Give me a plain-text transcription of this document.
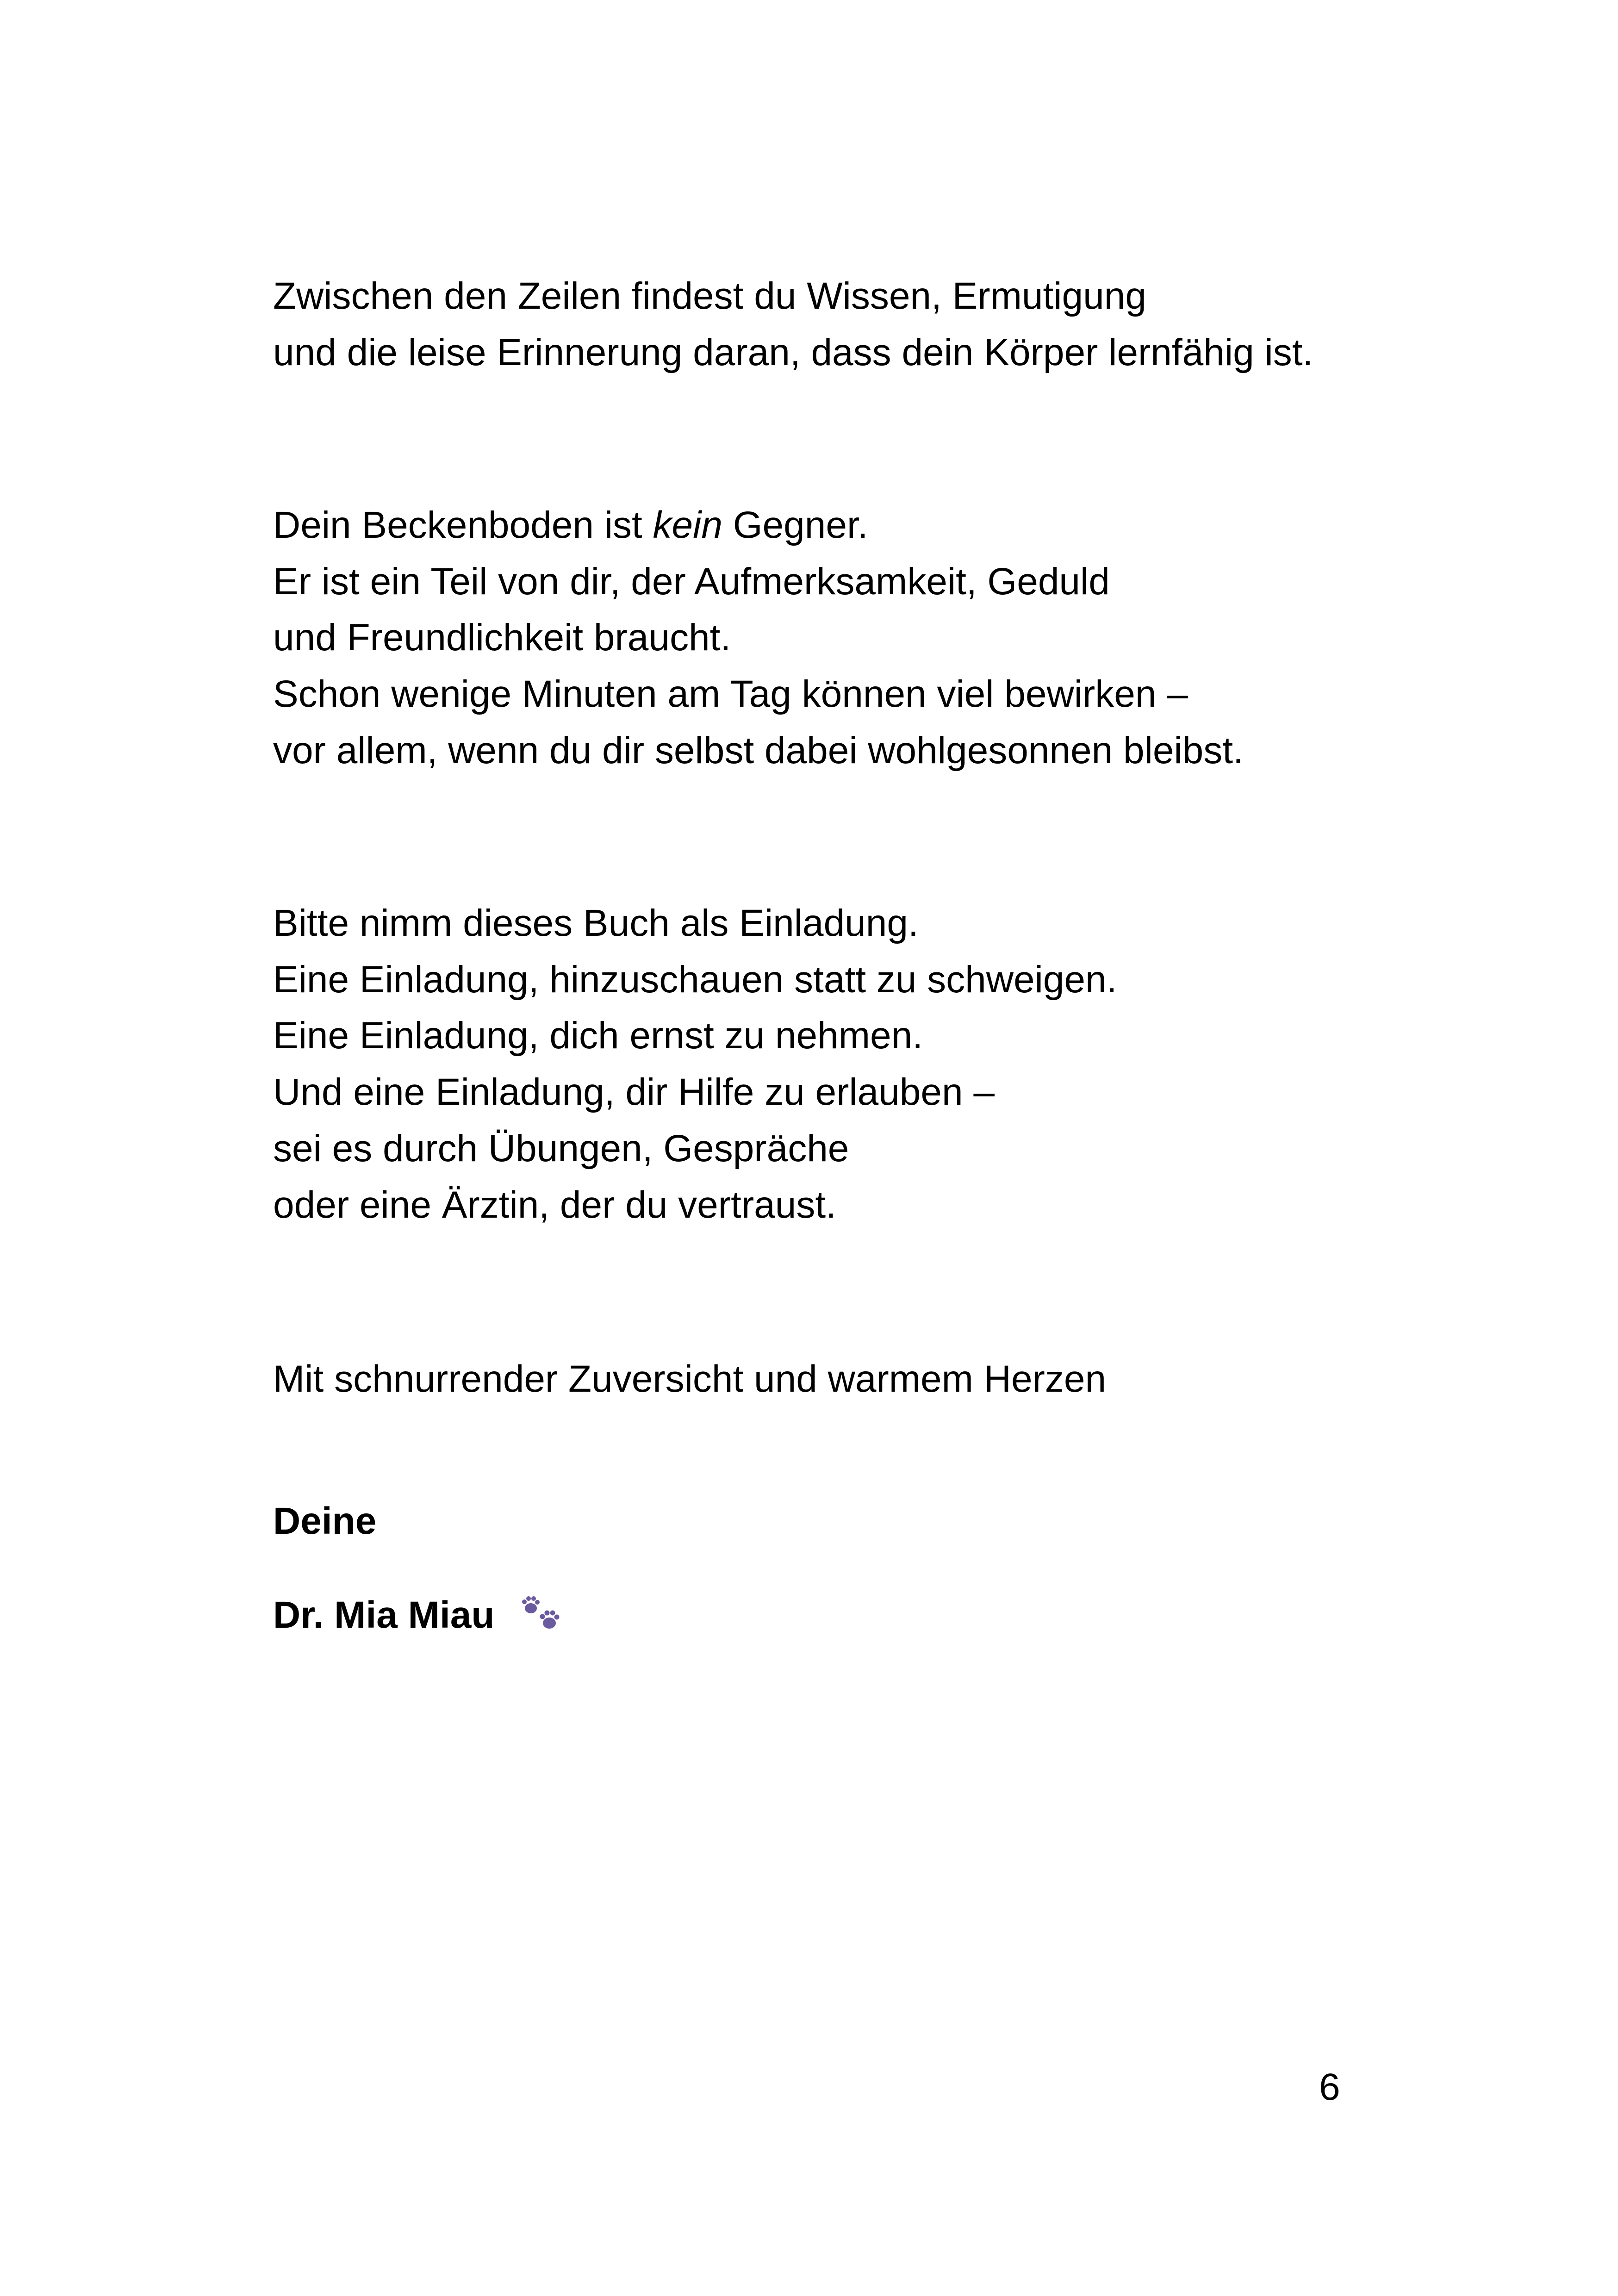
Zwischen den Zeilen findest du Wissen, Ermutigung
und die leise Erinnerung daran, dass dein Körper lernfähig ist.
Dein Beckenboden ist kein Gegner.
Er ist ein Teil von dir, der Aufmerksamkeit, Geduld
und Freundlichkeit braucht.
Schon wenige Minuten am Tag können viel bewirken –
vor allem, wenn du dir selbst dabei wohlgesonnen bleibst.
Bitte nimm dieses Buch als Einladung.
Eine Einladung, hinzuschauen statt zu schweigen.
Eine Einladung, dich ernst zu nehmen.
Und eine Einladung, dir Hilfe zu erlauben –
sei es durch Übungen, Gespräche
oder eine Ärztin, der du vertraust.
Mit schnurrender Zuversicht und warmem Herzen
Deine
Dr. Mia Miau
6
